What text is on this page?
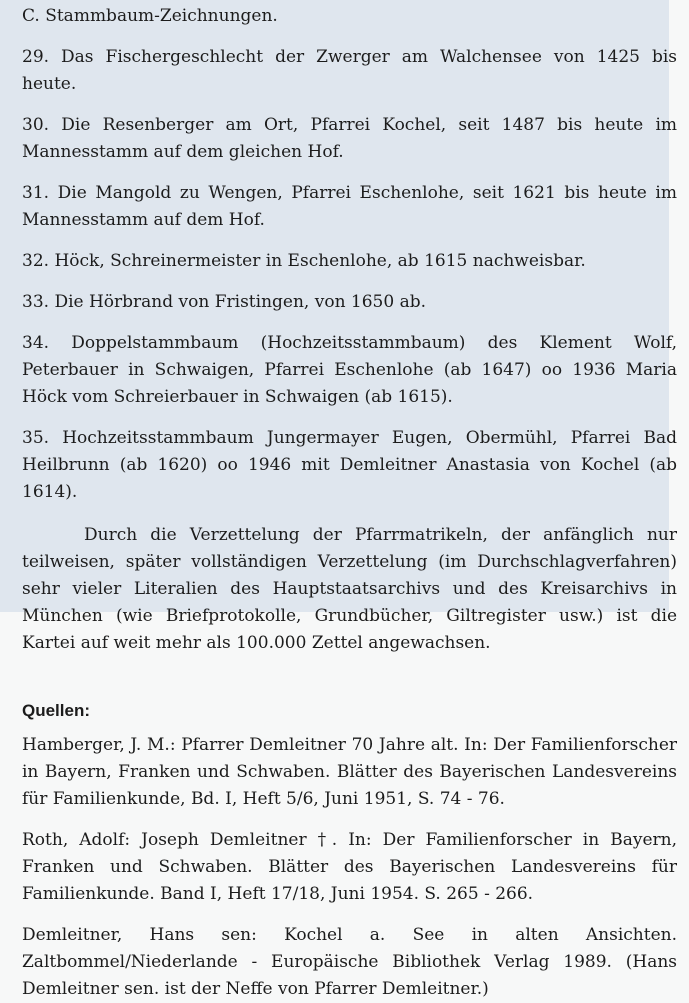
C. Stammbaum-Zeichnungen.

29. Das Fischergeschlecht der Zwerger am Walchensee von 1425 bis heute.

30. Die Resenberger am Ort, Pfarrei Kochel, seit 1487 bis heute im Mannesstamm auf dem gleichen Hof.

31. Die Mangold zu Wengen, Pfarrei Eschenlohe, seit 1621 bis heute im Mannesstamm auf dem Hof.

32. Höck, Schreinermeister in Eschenlohe, ab 1615 nachweisbar.

33. Die Hörbrand von Fristingen, von 1650 ab.

34. Doppelstammbaum (Hochzeitsstammbaum) des Klement Wolf, Peterbauer in Schwaigen, Pfarrei Eschenlohe (ab 1647) oo 1936 Maria Höck vom Schreierbauer in Schwaigen (ab 1615).

35. Hochzeitsstammbaum Jungermayer Eugen, Obermühl, Pfarrei Bad Heilbrunn (ab 1620) oo 1946 mit Demleitner Anastasia von Kochel (ab 1614).

Durch die Verzettelung der Pfarrmatrikeln, der anfänglich nur teilweisen, später vollständigen Verzettelung (im Durchschlagverfahren) sehr vieler Literalien des Hauptstaatsarchivs und des Kreisarchivs in München (wie Briefprotokolle, Grundbücher, Giltregister usw.) ist die Kartei auf weit mehr als 100.000 Zettel angewachsen.

Quellen:

Hamberger, J. M.: Pfarrer Demleitner 70 Jahre alt. In: Der Familienforscher in Bayern, Franken und Schwaben. Blätter des Bayerischen Landesvereins für Familienkunde, Bd. I, Heft 5/6, Juni 1951, S. 74 - 76.

Roth, Adolf: Joseph Demleitner †. In: Der Familienforscher in Bayern, Franken und Schwaben. Blätter des Bayerischen Landesvereins für Familienkunde. Band I, Heft 17/18, Juni 1954. S. 265 - 266.

Demleitner, Hans sen: Kochel a. See in alten Ansichten. Zaltbommel/Niederlande - Europäische Bibliothek Verlag 1989. (Hans Demleitner sen. ist der Neffe von Pfarrer Demleitner.)
